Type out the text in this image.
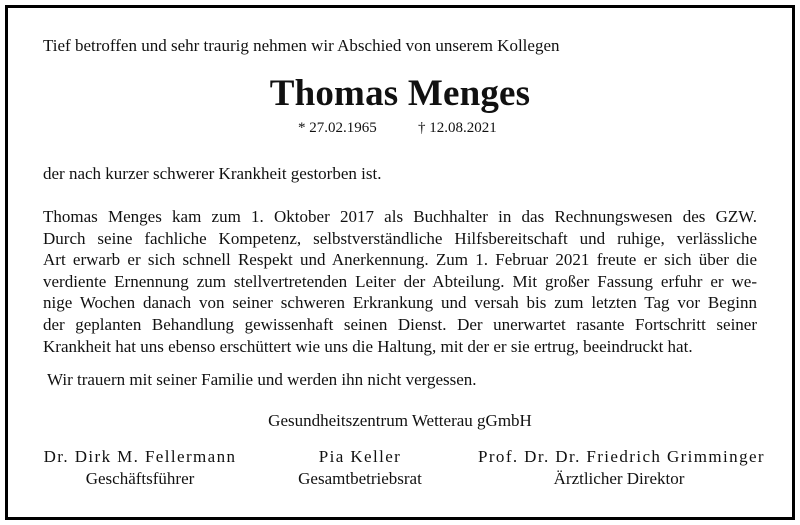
Tief betroffen und sehr traurig nehmen wir Abschied von unserem Kollegen
Thomas Menges
* 27.02.1965	† 12.08.2021
der nach kurzer schwerer Krankheit gestorben ist.
Thomas Menges kam zum 1. Oktober 2017 als Buchhalter in das Rechnungswesen des GZW.
Durch seine fachliche Kompetenz, selbstverständliche Hilfsbereitschaft und ruhige, verlässliche
Art erwarb er sich schnell Respekt und Anerkennung. Zum 1. Februar 2021 freute er sich über die
verdiente Ernennung zum stellvertretenden Leiter der Abteilung. Mit großer Fassung erfuhr er we-
nige Wochen danach von seiner schweren Erkrankung und versah bis zum letzten Tag vor Beginn
der geplanten Behandlung gewissenhaft seinen Dienst. Der unerwartet rasante Fortschritt seiner
Krankheit hat uns ebenso erschüttert wie uns die Haltung, mit der er sie ertrug, beeindruckt hat.
Wir trauern mit seiner Familie und werden ihn nicht vergessen.
Gesundheitszentrum Wetterau gGmbH
Dr. Dirk M. Fellermann
Geschäftsführer
Pia Keller
Gesamtbetriebsrat
Prof. Dr. Dr. Friedrich Grimminger
Ärztlicher Direktor
